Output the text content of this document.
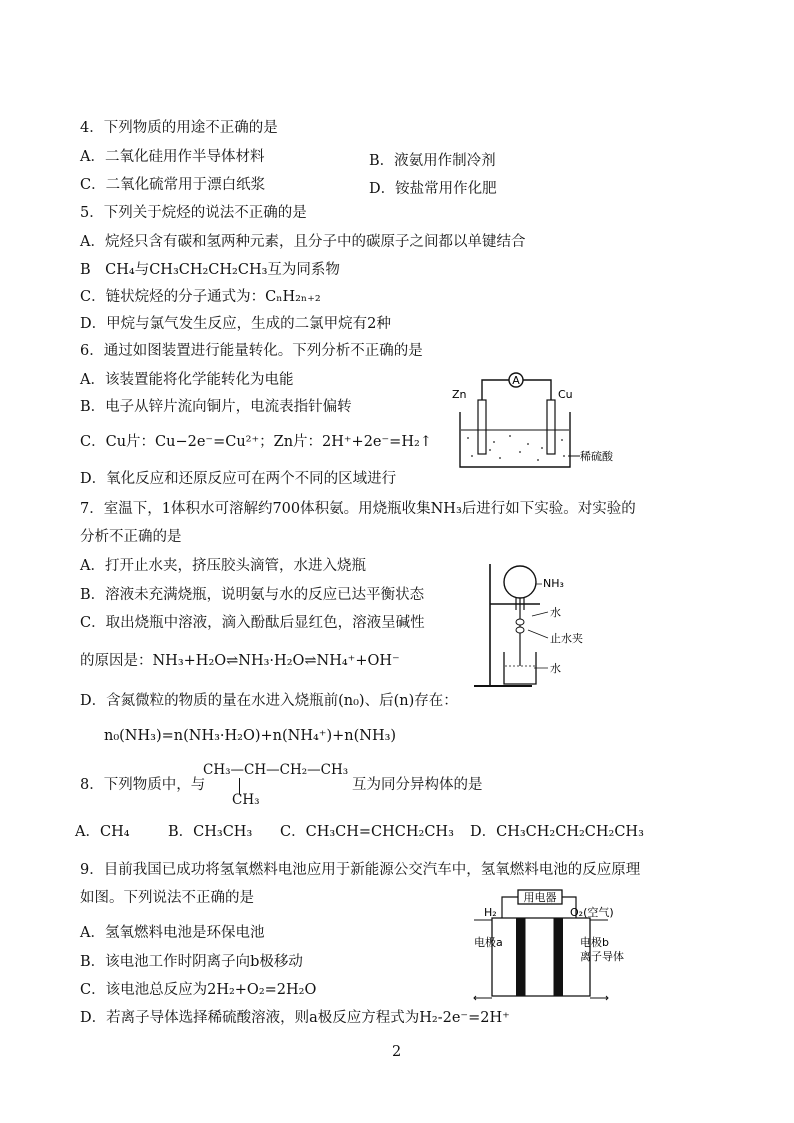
4．下列物质的用途不正确的是
A．二氧化硅用作半导体材料	B．液氨用作制冷剂
C．二氧化硫常用于漂白纸浆	D．铵盐常用作化肥
5．下列关于烷烃的说法不正确的是
A．烷烃只含有碳和氢两种元素，且分子中的碳原子之间都以单键结合
B　CH₄与CH₃CH₂CH₂CH₃互为同系物
C．链状烷烃的分子通式为：CₙH₂ₙ₊₂
D．甲烷与氯气发生反应，生成的二氯甲烷有2种
6．通过如图装置进行能量转化。下列分析不正确的是
A．该装置能将化学能转化为电能
B．电子从锌片流向铜片，电流表指针偏转
C．Cu片：Cu−2e⁻=Cu²⁺；Zn片：2H⁺+2e⁻=H₂↑
D．氧化反应和还原反应可在两个不同的区域进行
A
Zn	Cu
稀硫酸
7．室温下，1体积水可溶解约700体积氨。用烧瓶收集NH₃后进行如下实验。对实验的
分析不正确的是
A．打开止水夹，挤压胶头滴管，水进入烧瓶
B．溶液未充满烧瓶，说明氨与水的反应已达平衡状态
C．取出烧瓶中溶液，滴入酚酞后显红色，溶液呈碱性
的原因是：NH₃+H₂O⇌NH₃·H₂O⇌NH₄⁺+OH⁻
D．含氮微粒的物质的量在水进入烧瓶前(n₀)、后(n)存在：
n₀(NH₃)=n(NH₃·H₂O)+n(NH₄⁺)+n(NH₃)
NH₃
水
止水夹
水
8．下列物质中，与
CH₃—CH—CH₂—CH₃
CH₃
互为同分异构体的是
A．CH₄	B．CH₃CH₃ C．CH₃CH=CHCH₂CH₃ D．CH₃CH₂CH₂CH₂CH₃
9．目前我国已成功将氢氧燃料电池应用于新能源公交汽车中，氢氧燃料电池的反应原理
如图。下列说法不正确的是
A．氢氧燃料电池是环保电池
B．该电池工作时阴离子向b极移动
C．该电池总反应为2H₂+O₂=2H₂O
D．若离子导体选择稀硫酸溶液，则a极反应方程式为H₂-2e⁻=2H⁺
用电器
H₂	O₂(空气)
电极a	电极b
离子导体
2
